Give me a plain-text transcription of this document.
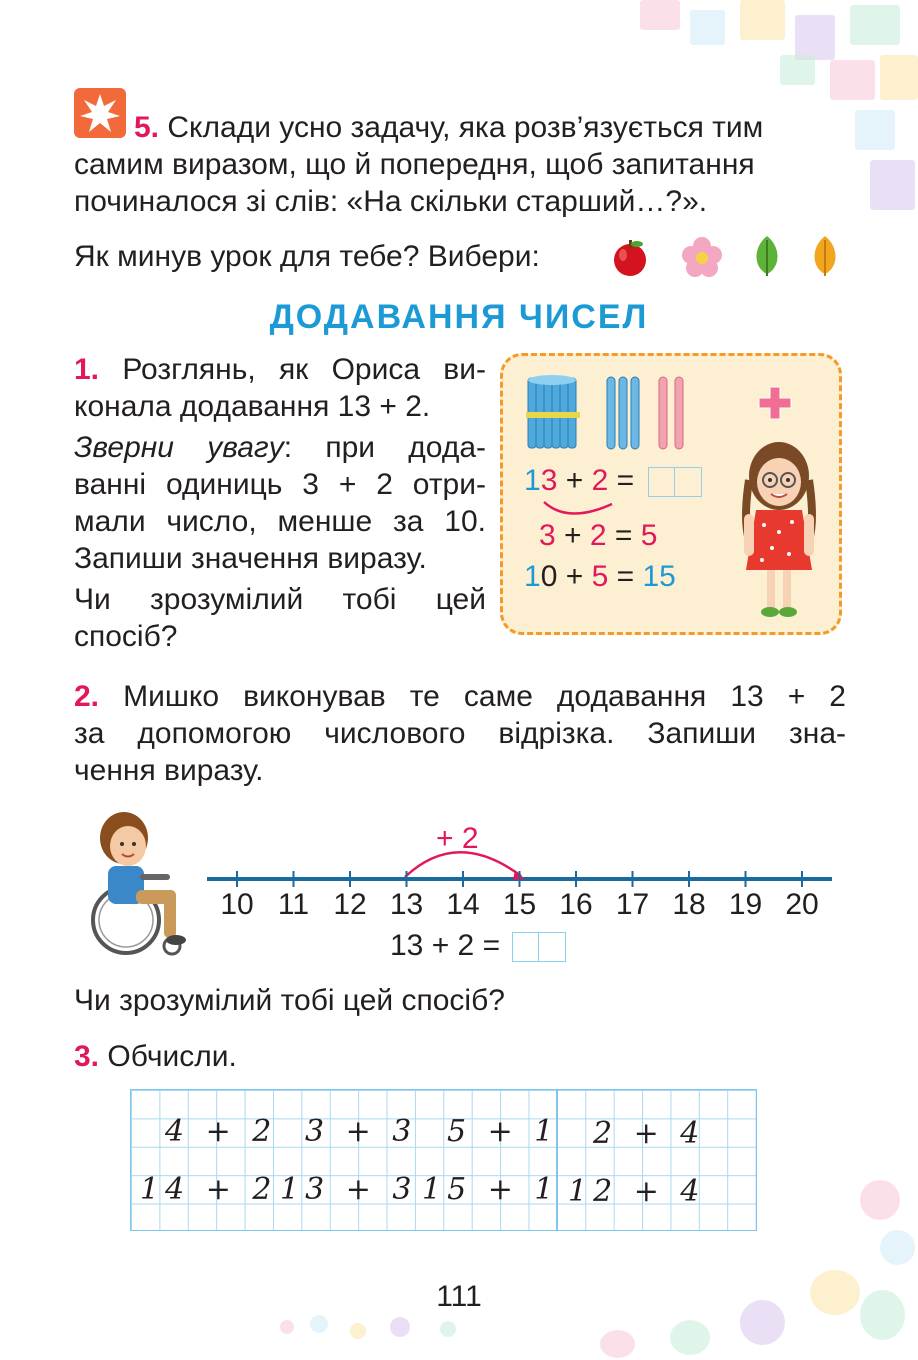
5. Склади усно задачу, яка розв’язується тим
самим виразом, що й попередня, щоб запитання
починалося зі слів: «На скільки старший…?».
Як минув урок для тебе? Вибери:
ДОДАВАННЯ ЧИСЕЛ
1. Розглянь, як Ориса ви-
конала додавання 13 + 2.
Зверни увагу: при дода-
ванні одиниць 3 + 2 отри-
мали число, менше за 10.
Запиши значення виразу.
Чи зрозумілий тобі цей
спосіб?
13 + 2 =
3 + 2 = 5
10 + 5 = 15
2. Мишко виконував те саме додавання 13 + 2
за допомогою числового відрізка. Запиши зна-
чення виразу.
+ 2
10 11 12 13 14 15 16 17 18 19 20
13 + 2 =
Чи зрозумілий тобі цей спосіб?
3. Обчисли.
4 + 2 3 + 3 5 + 1 2 + 4
14 + 2 13 + 3 15 + 1 12 + 4
111
